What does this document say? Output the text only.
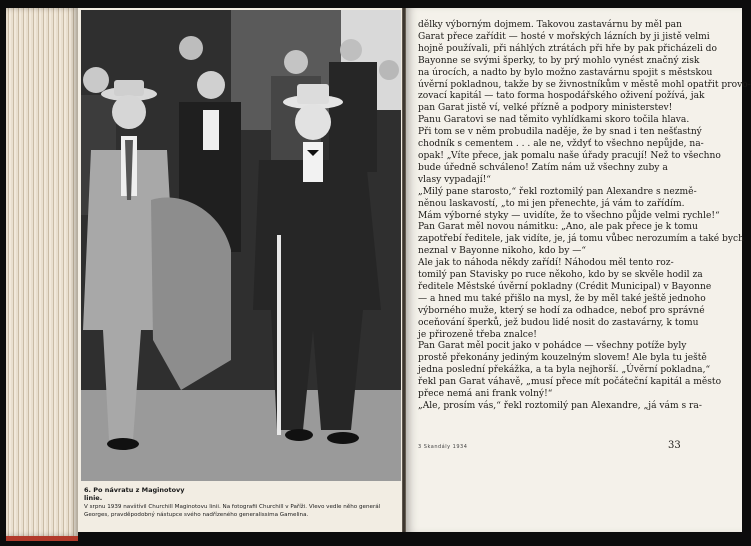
6. Po návratu z Maginotovy
linie.
V srpnu 1939 navštívil Churchill Maginotovu linii. Na fotografii Churchill v Paříži. Vlevo vedle něho generál Georges, pravděpodobný nástupce svého nadřízeného generalissima Gamelina.
dělky výborným dojmem. Takovou zastavárnu by měl pan
Garat přece zařídit — hosté v mořských lázních by ji jistě velmi
hojně používali, při náhlých ztrátách při hře by pak přicházeli do
Bayonne se svými šperky, to by prý mohlo vynést značný zisk
na úrocích, a nadto by bylo možno zastavárnu spojit s městskou
úvěrní pokladnou, takže by se živnostníkům v městě mohl opatřit provo-
zovací kapitál — tato forma hospodářského oživení požívá, jak
pan Garat jistě ví, velké přízně a podpory ministerstev!
Panu Garatovi se nad těmito vyhlídkami skoro točila hlava.
Při tom se v něm probudila naděje, že by snad i ten nešťastný
chodník s cementem . . . ale ne, vždyť to všechno nepůjde, na-
opak! „Víte přece, jak pomalu naše úřady pracují! Než to všechno
bude úředně schváleno! Zatím nám už všechny zuby a
vlasy vypadají!“
„Milý pane starosto,“ řekl roztomilý pan Alexandre s nezmě-
něnou laskavostí, „to mi jen přenechte, já vám to zařídím.
Mám výborné styky — uvidíte, že to všechno půjde velmi rychle!“
Pan Garat měl novou námitku: „Ano, ale pak přece je k tomu
zapotřebí ředitele, jak vidíte, je, já tomu vůbec nerozumím a také bych
neznal v Bayonne nikoho, kdo by —“
Ale jak to náhoda někdy zařídí! Náhodou měl tento roz-
tomilý pan Stavisky po ruce někoho, kdo by se skvěle hodil za
ředitele Městské úvěrní pokladny (Crédit Municipal) v Bayonne
— a hned mu také přišlo na mysl, že by měl také ještě jednoho
výborného muže, který se hodí za odhadce, neboť pro správné
oceňování šperků, jež budou lidé nosit do zastavárny, k tomu
je přirozeně třeba znalce!
Pan Garat měl pocit jako v pohádce — všechny potíže byly
prostě překonány jediným kouzelným slovem! Ale byla tu ještě
jedna poslední překážka, a ta byla nejhorší. „Úvěrní pokladna,“
řekl pan Garat váhavě, „musí přece mít počáteční kapitál a město
přece nemá ani frank volný!“
„Ale, prosím vás,“ řekl roztomilý pan Alexandre, „já vám s ra-
3 Skandály 1934	33
